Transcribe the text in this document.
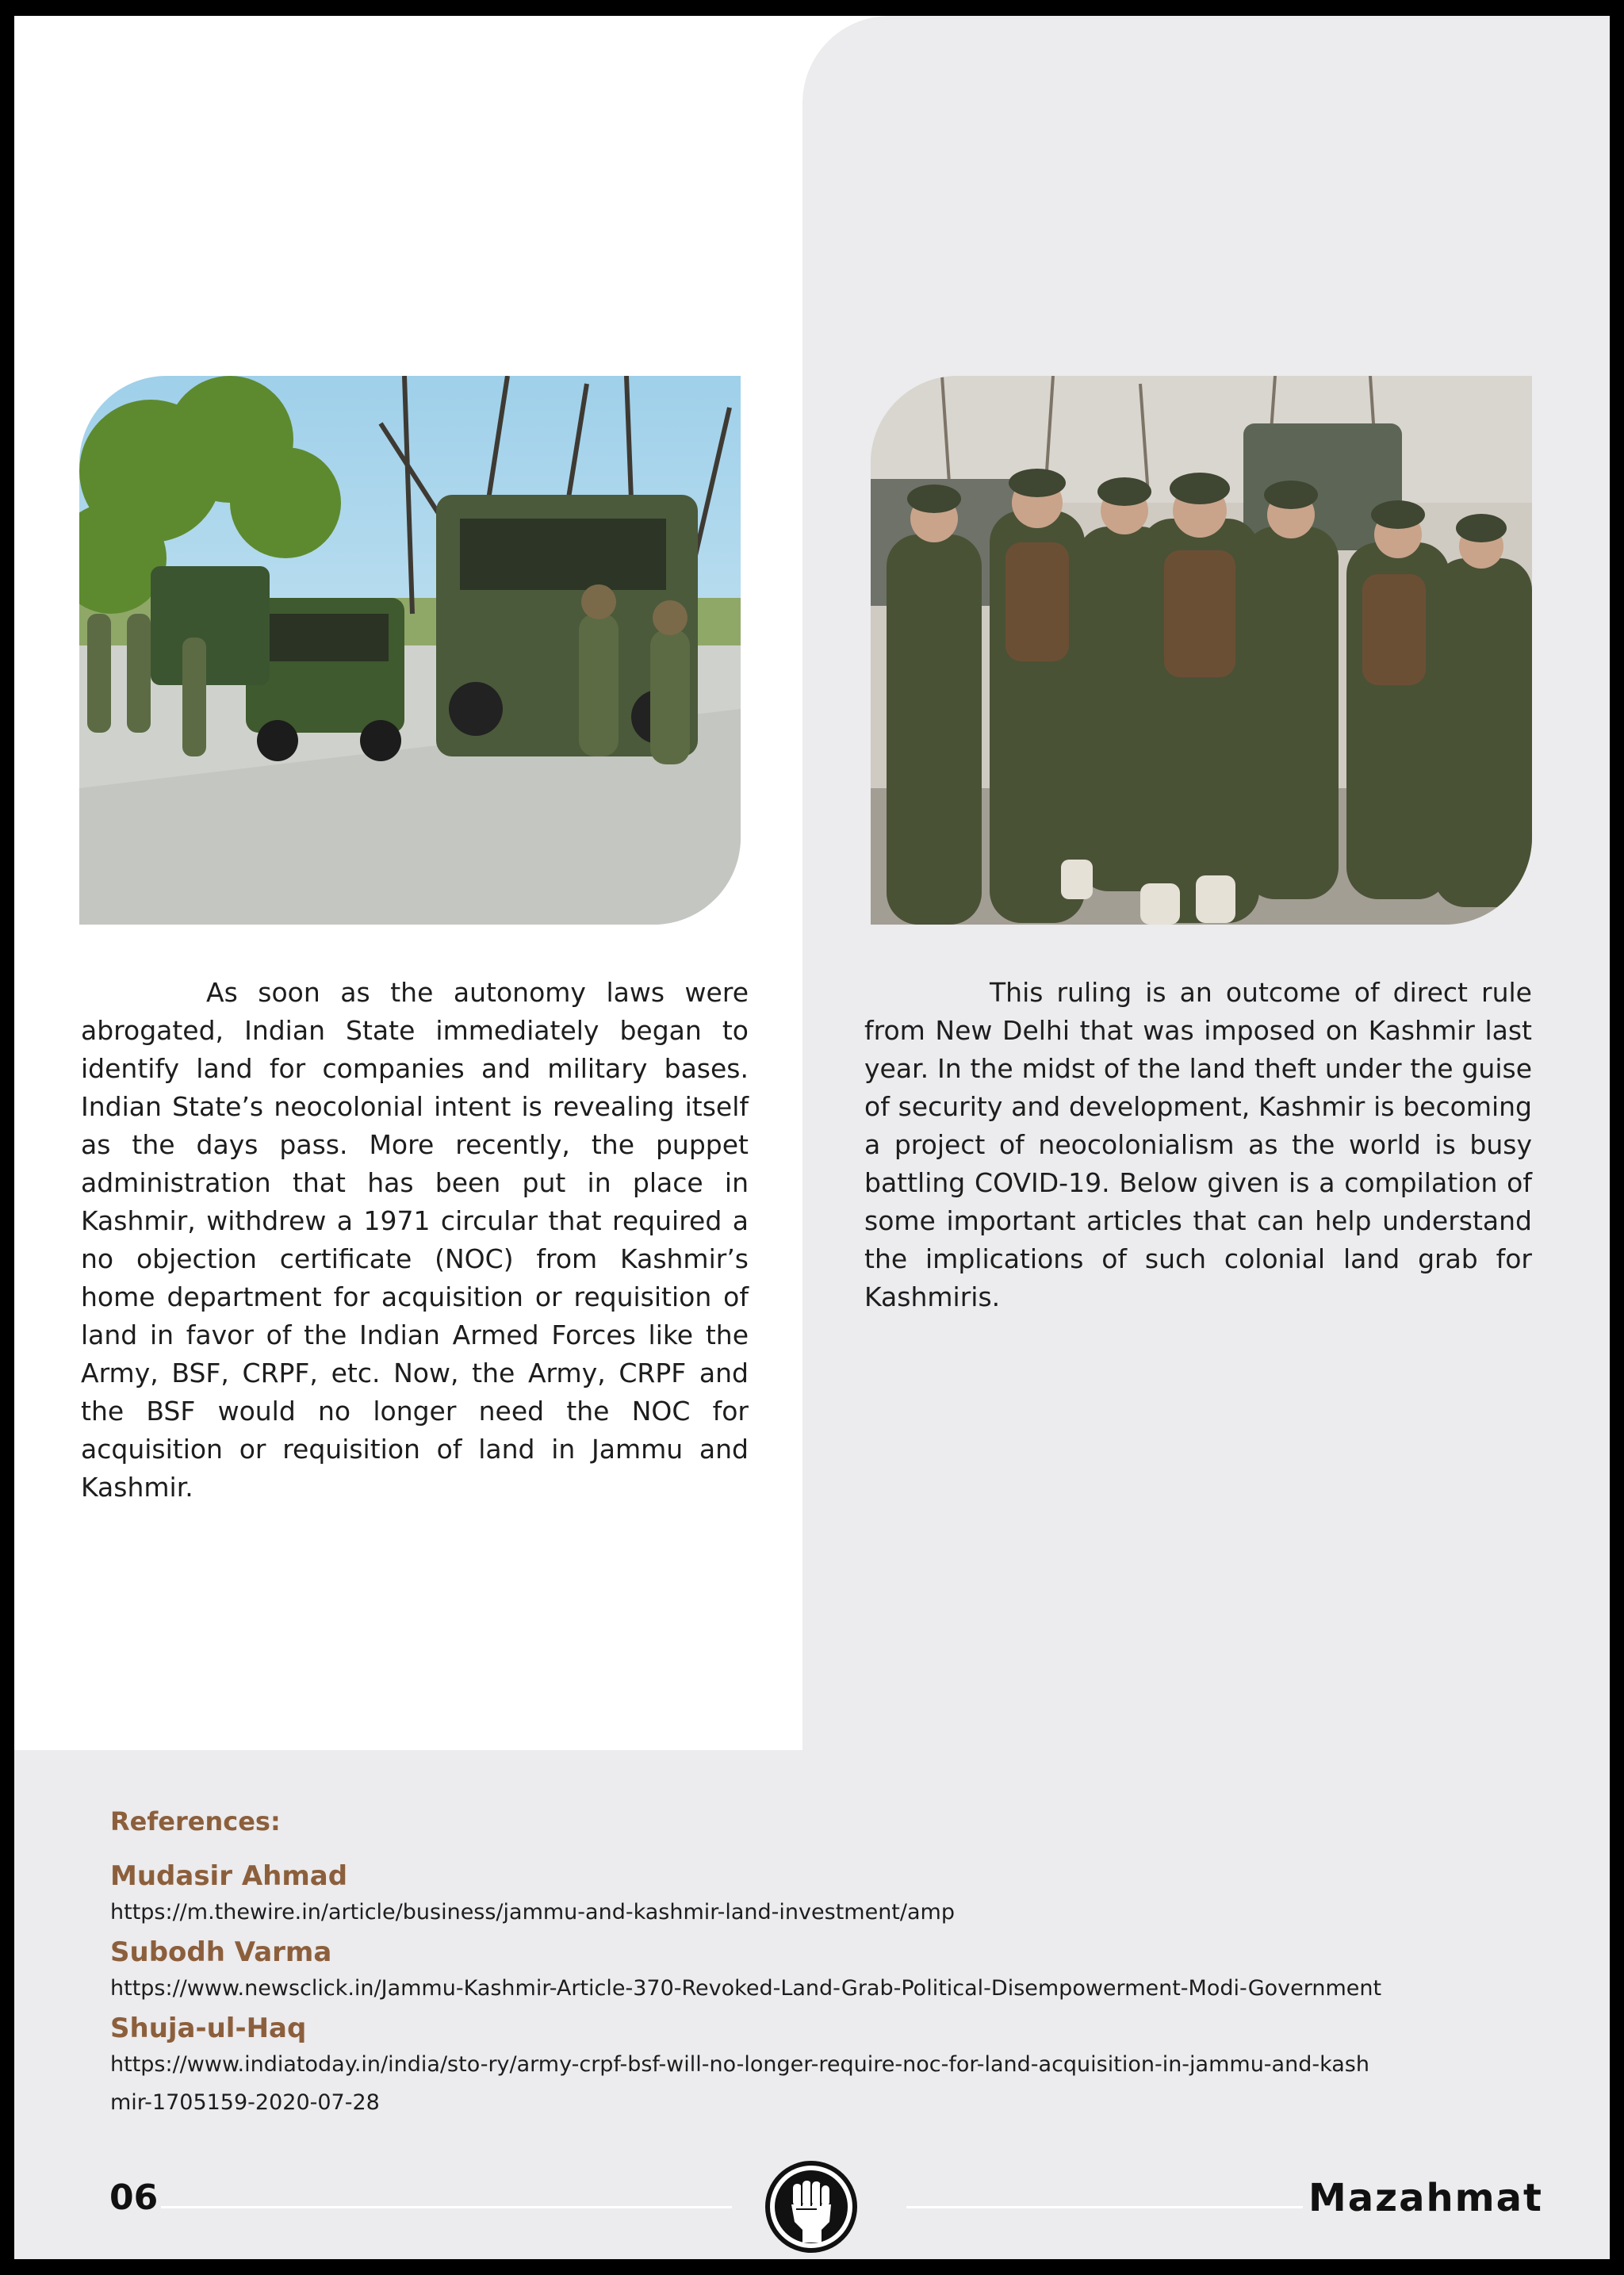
As soon as the autonomy laws were abrogated, Indian State immediately began to identify land for companies and military bases. Indian State’s neocolonial intent is revealing itself as the days pass. More recently, the puppet administration that has been put in place in Kashmir, withdrew a 1971 circular that required a no objection certificate (NOC) from Kashmir’s home department for acquisition or requisition of land in favor of the Indian Armed Forces like the Army, BSF, CRPF, etc. Now, the Army, CRPF and the BSF would no longer need the NOC for acquisition or requisition of land in Jammu and Kashmir.

This ruling is an outcome of direct rule from New Delhi that was imposed on Kashmir last year. In the midst of the land theft under the guise of security and development, Kashmir is becoming a project of neocolonialism as the world is busy battling COVID-19. Below given is a compilation of some important articles that can help understand the implications of such colonial land grab for Kashmiris.

References:
Mudasir Ahmad
https://m.thewire.in/article/business/jammu-and-kashmir-land-investment/amp
Subodh Varma
https://www.newsclick.in/Jammu-Kashmir-Article-370-Revoked-Land-Grab-Political-Disempowerment-Modi-Government
Shuja-ul-Haq
https://www.indiatoday.in/india/sto-ry/army-crpf-bsf-will-no-longer-require-noc-for-land-acquisition-in-jammu-and-kashmir-1705159-2020-07-28
06	Mazahmat
